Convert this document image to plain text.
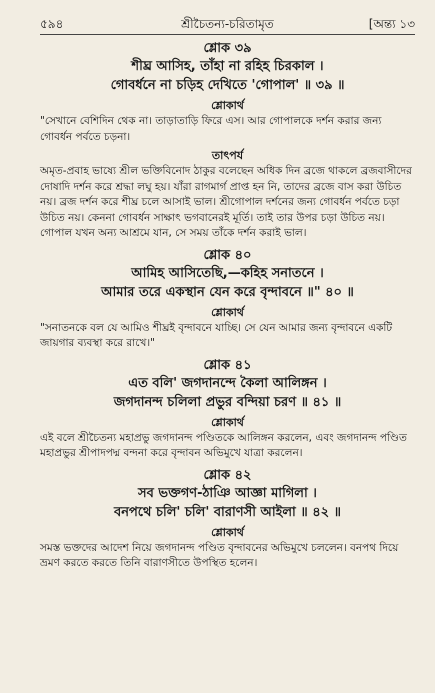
৫৯৪	শ্রীচৈতন্য-চরিতামৃত	[অন্ত্য ১৩
শ্লোক ৩৯
শীঘ্র আসিহ, তাঁহা না রহিহ চিরকাল ।
গোবর্ধনে না চড়িহ দেখিতে 'গোপাল' ॥ ৩৯ ॥
শ্লোকার্থ

"সেখানে বেশিদিন থেক না। তাড়াতাড়ি ফিরে এস। আর গোপালকে দর্শন করার জন্য গোবর্ধন পর্বতে চড়না।

তাৎপর্য

অমৃত-প্রবাহ ভাষ্যে শ্রীল ভক্তিবিনোদ ঠাকুর বলেছেন অধিক দিন ব্রজে থাকলে ব্রজবাসীদের দোষাদি দর্শন করে শ্রদ্ধা লঘু হয়। যাঁরা রাগমার্গ প্রাপ্ত হন নি, তাদের ব্রজে বাস করা উচিত নয়। ব্রজ দর্শন করে শীঘ্র চলে আসাই ভাল। শ্রীগোপাল দর্শনের জন্য গোবর্ধন পর্বতে চড়া উচিত নয়। কেননা গোবর্ধন সাক্ষাৎ ভগবানেরই মূর্তি। তাই তার উপর চড়া উচিত নয়। গোপাল যখন অন্য আশ্রমে যান, সে সময় তাঁকে দর্শন করাই ভাল।

শ্লোক ৪০
আমিহ আসিতেছি,—কহিহ সনাতনে ।
আমার তরে একস্থান যেন করে বৃন্দাবনে ॥" ৪০ ॥
শ্লোকার্থ

"সনাতনকে বল যে আমিও শীঘ্রই বৃন্দাবনে যাচ্ছি। সে যেন আমার জন্য বৃন্দাবনে একটি জায়গার ব্যবস্থা করে রাখে।"

শ্লোক ৪১
এত বলি' জগদানন্দে কৈলা আলিঙ্গন ।
জগদানন্দ চলিলা প্রভুর বন্দিয়া চরণ ॥ ৪১ ॥
শ্লোকার্থ

এই বলে শ্রীচৈতন্য মহাপ্রভু জগদানন্দ পণ্ডিতকে আলিঙ্গন করলেন, এবং জগদানন্দ পণ্ডিত মহাপ্রভুর শ্রীপাদপদ্ম বন্দনা করে বৃন্দাবন অভিমুখে যাত্রা করলেন।

শ্লোক ৪২
সব ভক্তগণ-ঠাঞি আজ্ঞা মাগিলা ।
বনপথে চলি' চলি' বারাণসী আইলা ॥ ৪২ ॥
শ্লোকার্থ

সমস্ত ভক্তদের আদেশ নিয়ে জগদানন্দ পণ্ডিত বৃন্দাবনের অভিমুখে চললেন। বনপথ দিয়ে ভ্রমণ করতে করতে তিনি বারাণসীতে উপস্থিত হলেন।
